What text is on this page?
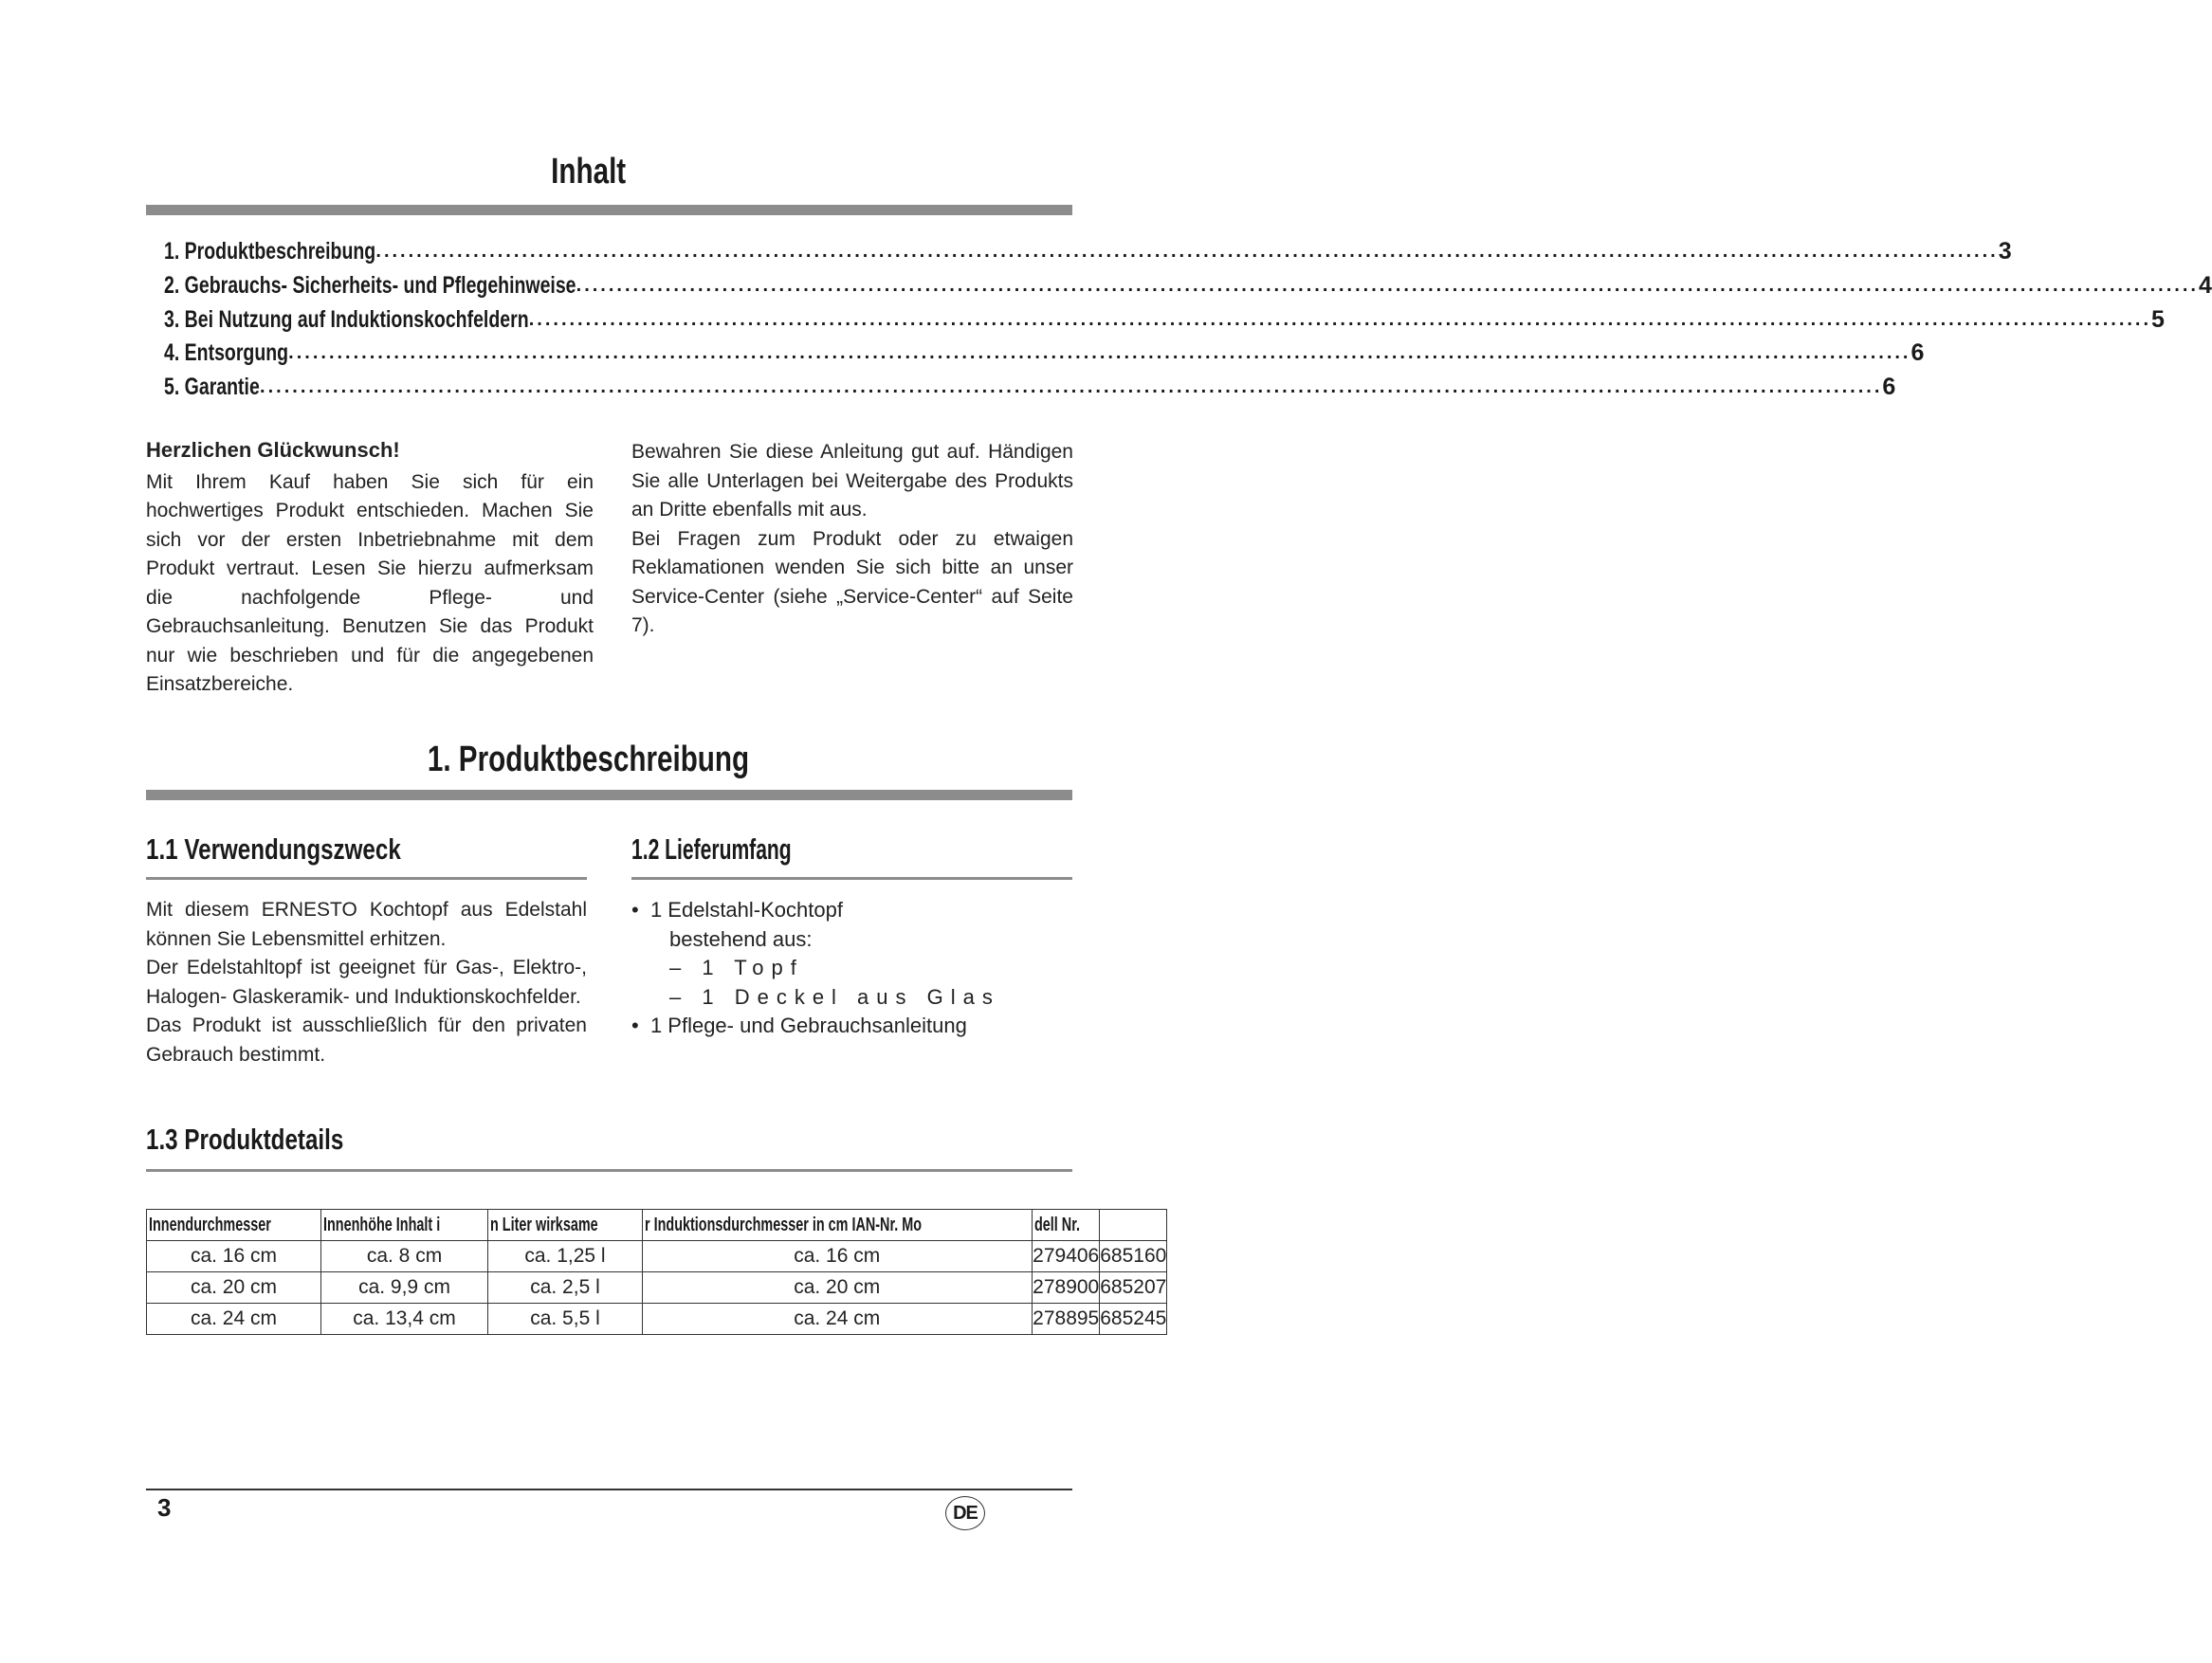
Inhalt
1. Produktbeschreibung ........................................................................................................................................................................................................ 3
2. Gebrauchs- Sicherheits- und Pflegehinweise ........................................................................................................................................................................................................ 4
3. Bei Nutzung auf Induktionskochfeldern ........................................................................................................................................................................................................ 5
4. Entsorgung ........................................................................................................................................................................................................ 6
5. Garantie ........................................................................................................................................................................................................ 6
Herzlichen Glückwunsch!

Mit Ihrem Kauf haben Sie sich für ein hochwertiges Produkt entschieden. Machen Sie sich vor der ersten Inbetriebnahme mit dem Produkt vertraut. Lesen Sie hierzu aufmerksam die nachfolgende Pflege- und Gebrauchsanleitung. Benutzen Sie das Produkt nur wie beschrieben und für die angegebenen Einsatzbereiche.

Bewahren Sie diese Anleitung gut auf. Händigen Sie alle Unterlagen bei Weitergabe des Produkts an Dritte ebenfalls mit aus.

Bei Fragen zum Produkt oder zu etwaigen Reklamationen wenden Sie sich bitte an unser Service-Center (siehe „Service-Center“ auf Seite 7).

1. Produktbeschreibung
1.1 Verwendungszweck

Mit diesem ERNESTO Kochtopf aus Edelstahl können Sie Lebensmittel erhitzen.

Der Edelstahltopf ist geeignet für Gas-, Elektro-, Halogen- Glaskeramik- und Induktionskochfelder.

Das Produkt ist ausschließlich für den privaten Gebrauch bestimmt.

1.2 Lieferumfang
•  1 Edelstahl-Kochtopf
bestehend aus:
– 1 Topf
– 1 Deckel aus Glas
•  1 Pflege- und Gebrauchsanleitung
1.3 Produktdetails
Innendurchmesser	Innenhöhe Inhalt i	n Liter wirksame	r Induktionsdurchmesser in cm IAN-Nr. Mo	dell Nr.	
ca. 16 cm	ca. 8 cm	ca. 1,25 l	ca. 16 cm	279406	685160
ca. 20 cm	ca. 9,9 cm	ca. 2,5 l	ca. 20 cm	278900	685207
ca. 24 cm	ca. 13,4 cm	ca. 5,5 l	ca. 24 cm	278895	685245
3	DE
